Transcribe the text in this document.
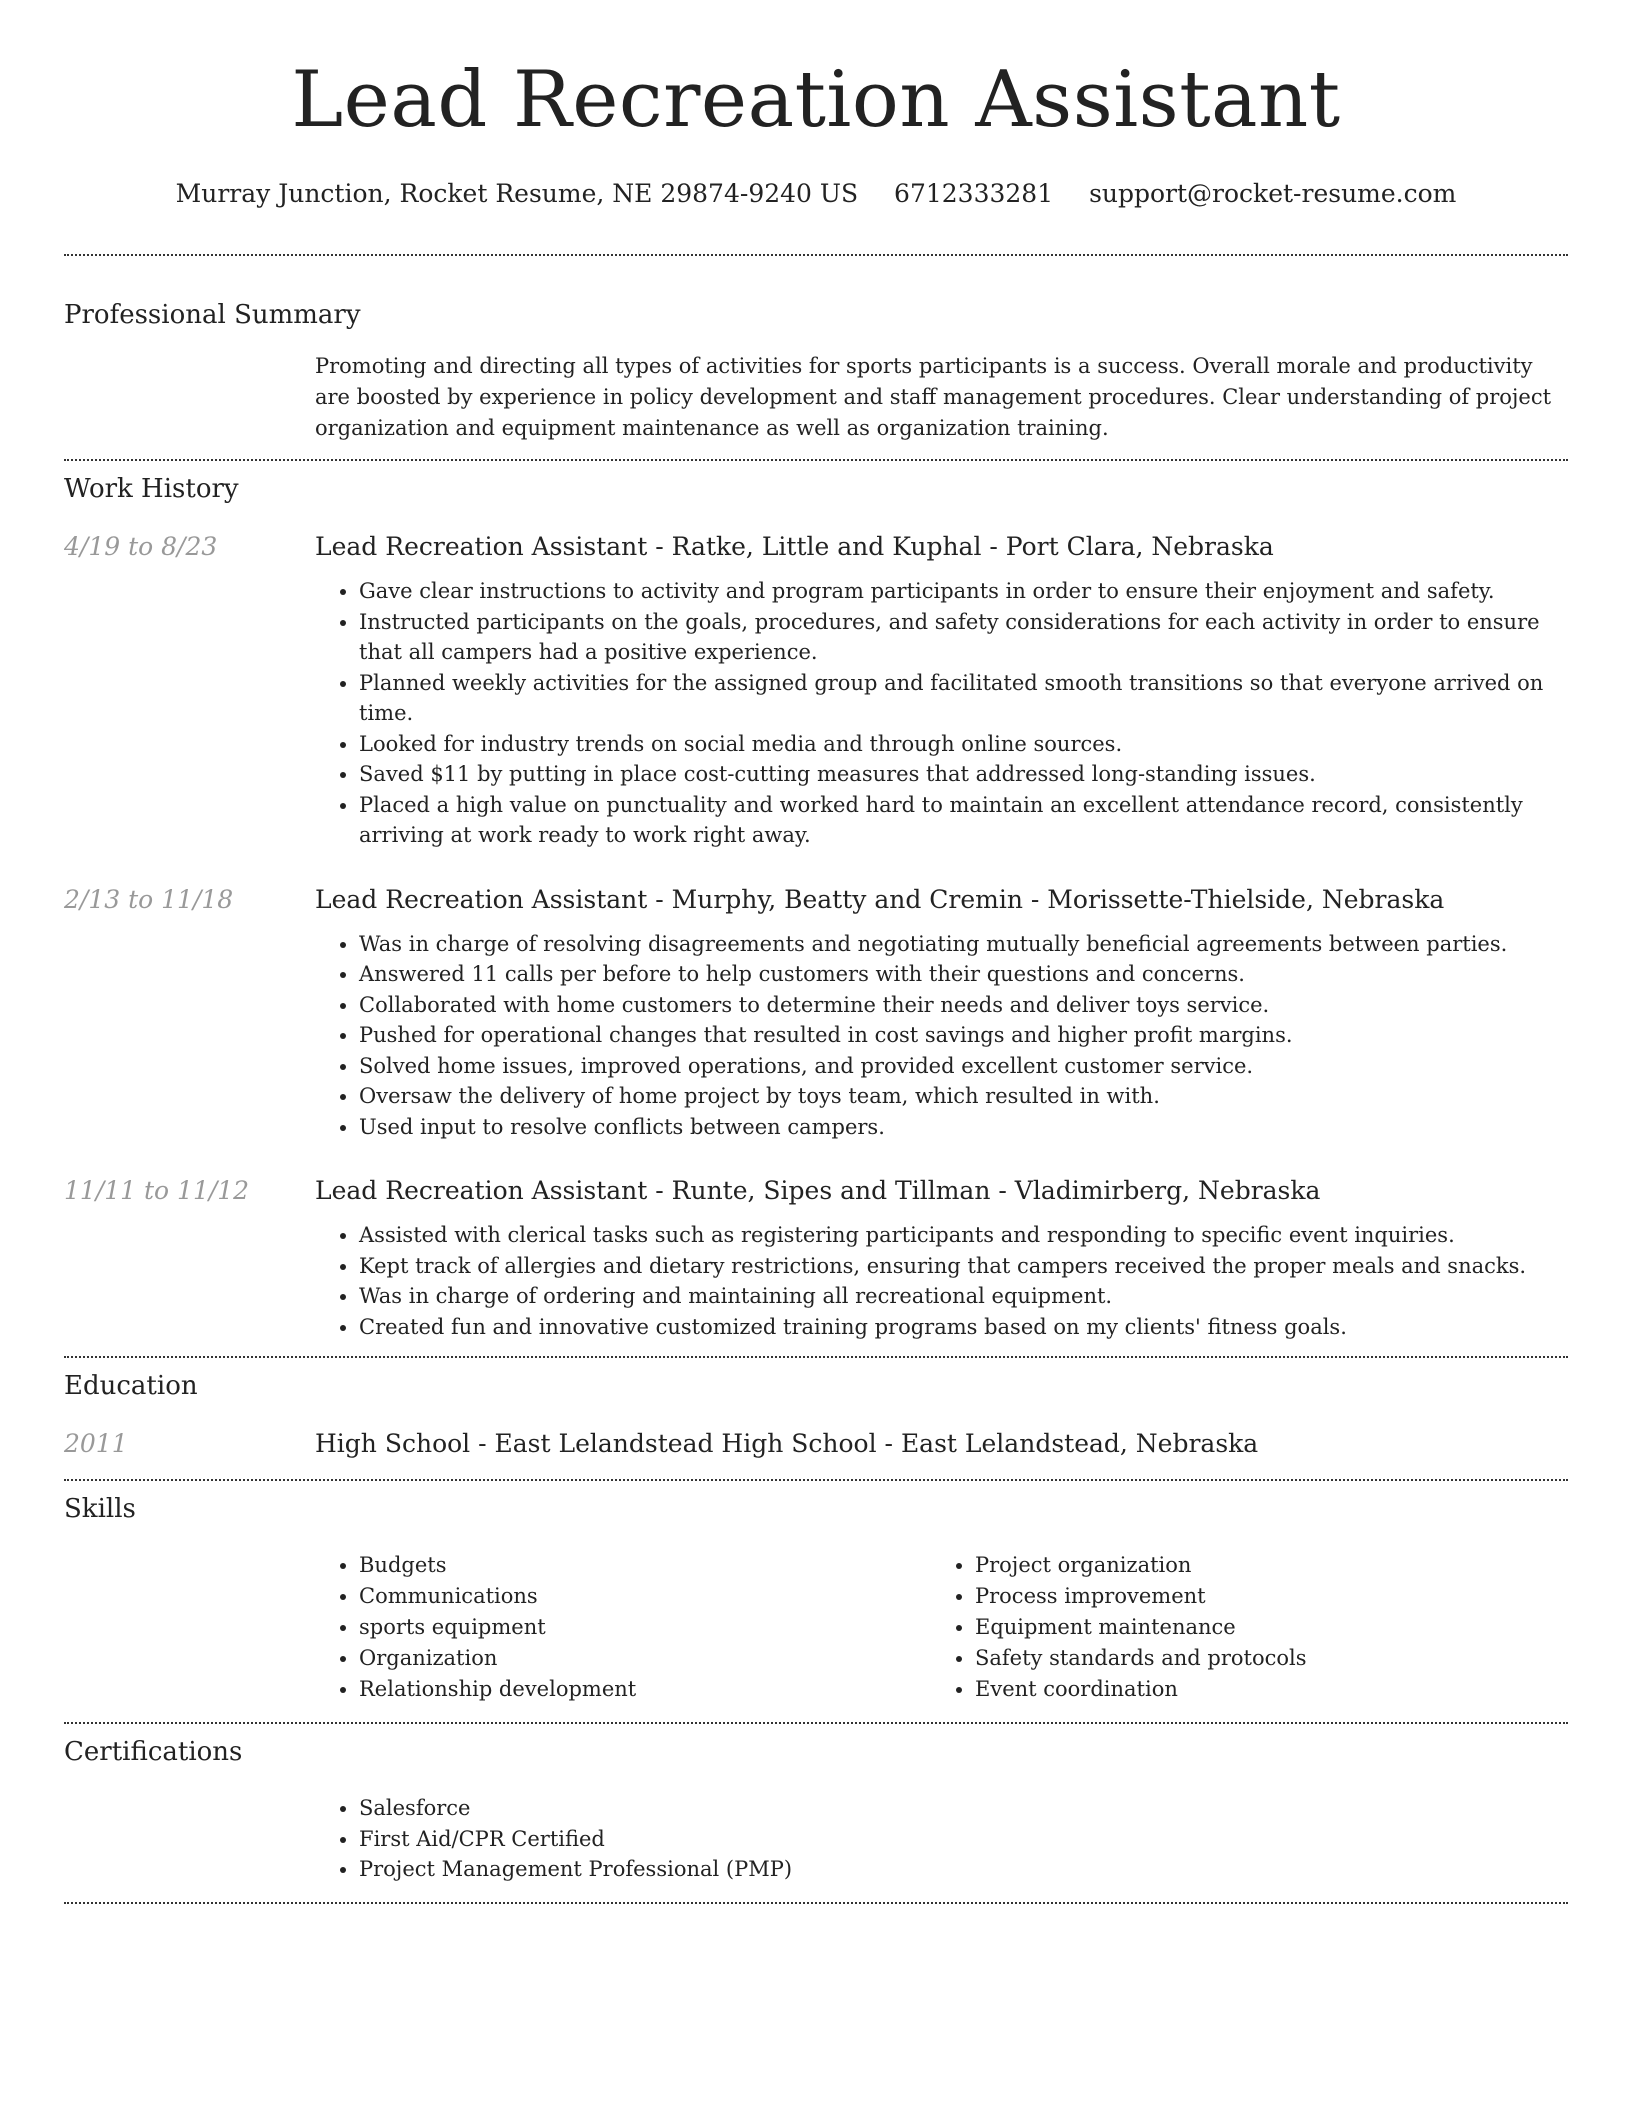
Lead Recreation Assistant
Murray Junction, Rocket Resume, NE 29874-9240 US 6712333281 support@rocket-resume.com
Professional Summary

Promoting and directing all types of activities for sports participants is a success. Overall morale and productivity are boosted by experience in policy development and staff management procedures. Clear understanding of project organization and equipment maintenance as well as organization training.

Work History
4/19 to 8/23	Lead Recreation Assistant - Ratke, Little and Kuphal - Port Clara, Nebraska
• Gave clear instructions to activity and program participants in order to ensure their enjoyment and safety.
• Instructed participants on the goals, procedures, and safety considerations for each activity in order to ensure that all campers had a positive experience.
• Planned weekly activities for the assigned group and facilitated smooth transitions so that everyone arrived on time.
• Looked for industry trends on social media and through online sources.
• Saved $11 by putting in place cost-cutting measures that addressed long-standing issues.
• Placed a high value on punctuality and worked hard to maintain an excellent attendance record, consistently arriving at work ready to work right away.
2/13 to 11/18	Lead Recreation Assistant - Murphy, Beatty and Cremin - Morissette-Thielside, Nebraska
• Was in charge of resolving disagreements and negotiating mutually beneficial agreements between parties.
• Answered 11 calls per before to help customers with their questions and concerns.
• Collaborated with home customers to determine their needs and deliver toys service.
• Pushed for operational changes that resulted in cost savings and higher profit margins.
• Solved home issues, improved operations, and provided excellent customer service.
• Oversaw the delivery of home project by toys team, which resulted in with.
• Used input to resolve conflicts between campers.
11/11 to 11/12	Lead Recreation Assistant - Runte, Sipes and Tillman - Vladimirberg, Nebraska
• Assisted with clerical tasks such as registering participants and responding to specific event inquiries.
• Kept track of allergies and dietary restrictions, ensuring that campers received the proper meals and snacks.
• Was in charge of ordering and maintaining all recreational equipment.
• Created fun and innovative customized training programs based on my clients' fitness goals.
Education
2011	High School - East Lelandstead High School - East Lelandstead, Nebraska
Skills
• Budgets
• Communications
• sports equipment
• Organization
• Relationship development
• Project organization
• Process improvement
• Equipment maintenance
• Safety standards and protocols
• Event coordination
Certifications
• Salesforce
• First Aid/CPR Certified
• Project Management Professional (PMP)
